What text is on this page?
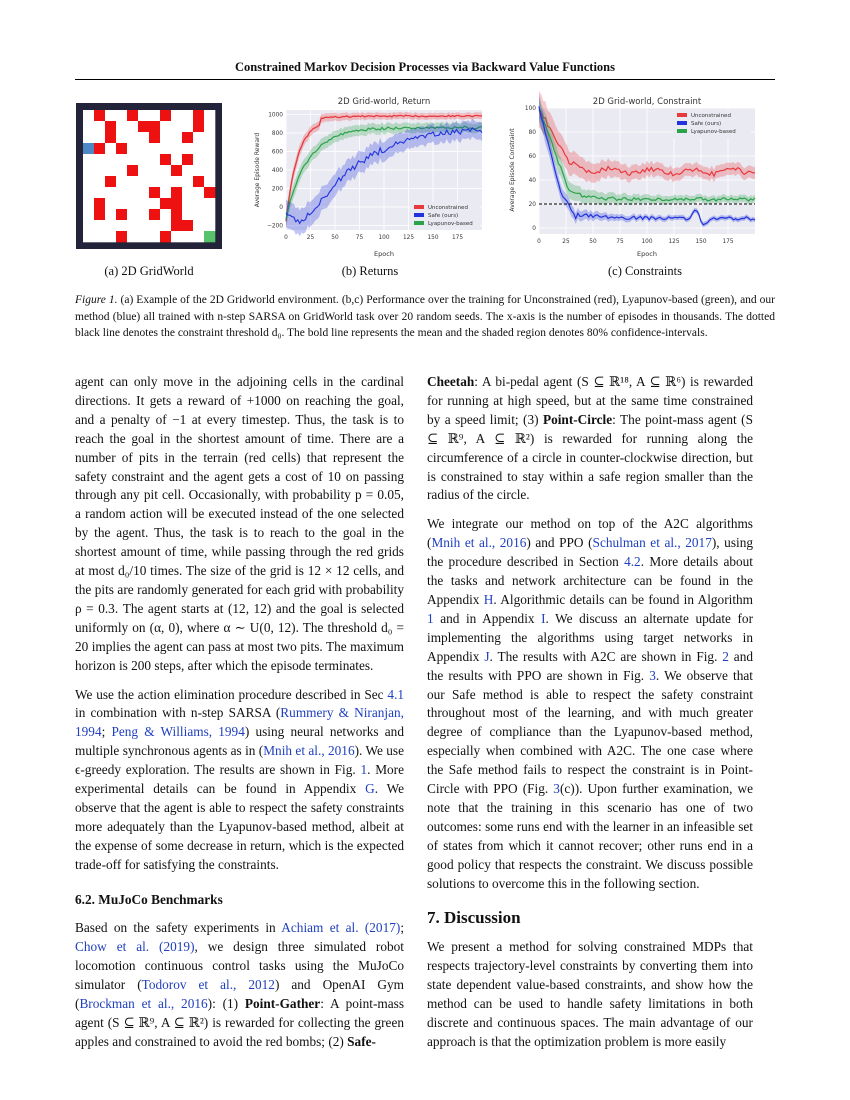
Constrained Markov Decision Processes via Backward Value Functions
2D Grid-world, Return
Average Episode Reward
Epoch
0	25	50	75	100 125 150 175
−200
0
200
400
600
800
1000
Unconstrained
Safe (ours)
Lyapunov-based
2D Grid-world, Constraint
Average Episode Constraint
Epoch
0	25	50	75	100	125	150	175
0
20
40
60
80
100
Unconstrained
Safe (ours)
Lyapunov-based
(a) 2D GridWorld	(b) Returns	(c) Constraints
Figure 1. (a) Example of the 2D Gridworld environment. (b,c) Performance over the training for Unconstrained (red), Lyapunov-based (green), and our method (blue) all trained with n-step SARSA on GridWorld task over 20 random seeds. The x-axis is the number of episodes in thousands. The dotted black line denotes the constraint threshold d₀. The bold line represents the mean and the shaded region denotes 80% confidence-intervals.

agent can only move in the adjoining cells in the cardinal directions. It gets a reward of +1000 on reaching the goal, and a penalty of −1 at every timestep. Thus, the task is to reach the goal in the shortest amount of time. There are a number of pits in the terrain (red cells) that represent the safety constraint and the agent gets a cost of 10 on passing through any pit cell. Occasionally, with probability p = 0.05, a random action will be executed instead of the one selected by the agent. Thus, the task is to reach to the goal in the shortest amount of time, while passing through the red grids at most d₀/10 times. The size of the grid is 12 × 12 cells, and the pits are randomly generated for each grid with probability ρ = 0.3. The agent starts at (12, 12) and the goal is selected uniformly on (α, 0), where α ∼ U(0, 12). The threshold d₀ = 20 implies the agent can pass at most two pits. The maximum horizon is 200 steps, after which the episode terminates.

We use the action elimination procedure described in Sec 4.1 in combination with n-step SARSA (Rummery & Niranjan, 1994; Peng & Williams, 1994) using neural networks and multiple synchronous agents as in (Mnih et al., 2016). We use ϵ-greedy exploration. The results are shown in Fig. 1. More experimental details can be found in Appendix G. We observe that the agent is able to respect the safety constraints more adequately than the Lyapunov-based method, albeit at the expense of some decrease in return, which is the expected trade-off for satisfying the constraints.

6.2. MuJoCo Benchmarks

Based on the safety experiments in Achiam et al. (2017); Chow et al. (2019), we design three simulated robot locomotion continuous control tasks using the MuJoCo simulator (Todorov et al., 2012) and OpenAI Gym (Brockman et al., 2016): (1) Point-Gather: A point-mass agent (S ⊆ ℝ⁹, A ⊆ ℝ²) is rewarded for collecting the green apples and constrained to avoid the red bombs; (2) Safe-

Cheetah: A bi-pedal agent (S ⊆ ℝ¹⁸, A ⊆ ℝ⁶) is rewarded for running at high speed, but at the same time constrained by a speed limit; (3) Point-Circle: The point-mass agent (S ⊆ ℝ⁹, A ⊆ ℝ²) is rewarded for running along the circumference of a circle in counter-clockwise direction, but is constrained to stay within a safe region smaller than the radius of the circle.

We integrate our method on top of the A2C algorithms (Mnih et al., 2016) and PPO (Schulman et al., 2017), using the procedure described in Section 4.2. More details about the tasks and network architecture can be found in the Appendix H. Algorithmic details can be found in Algorithm 1 and in Appendix I. We discuss an alternate update for implementing the algorithms using target networks in Appendix J. The results with A2C are shown in Fig. 2 and the results with PPO are shown in Fig. 3. We observe that our Safe method is able to respect the safety constraint throughout most of the learning, and with much greater degree of compliance than the Lyapunov-based method, especially when combined with A2C. The one case where the Safe method fails to respect the constraint is in Point-Circle with PPO (Fig. 3(c)). Upon further examination, we note that the training in this scenario has one of two outcomes: some runs end with the learner in an infeasible set of states from which it cannot recover; other runs end in a good policy that respects the constraint. We discuss possible solutions to overcome this in the following section.

7. Discussion

We present a method for solving constrained MDPs that respects trajectory-level constraints by converting them into state dependent value-based constraints, and show how the method can be used to handle safety limitations in both discrete and continuous spaces. The main advantage of our approach is that the optimization problem is more easily
